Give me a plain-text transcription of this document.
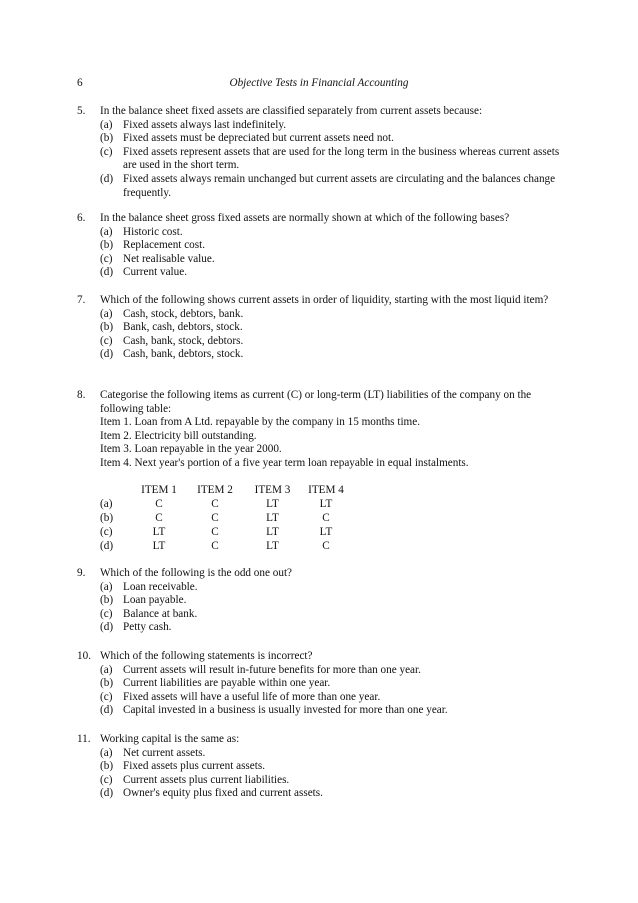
6	Objective Tests in Financial Accounting
5. In the balance sheet fixed assets are classified separately from current assets because:

(a) Fixed assets always last indefinitely.
(b) Fixed assets must be depreciated but current assets need not.
(c) Fixed assets represent assets that are used for the long term in the business whereas current assets are used in the short term.
(d) Fixed assets always remain unchanged but current assets are circulating and the balances change frequently.
6. In the balance sheet gross fixed assets are normally shown at which of the following bases?

(a) Historic cost.
(b) Replacement cost.
(c) Net realisable value.
(d) Current value.
7. Which of the following shows current assets in order of liquidity, starting with the most liquid item?

(a) Cash, stock, debtors, bank.
(b) Bank, cash, debtors, stock.
(c) Cash, bank, stock, debtors.
(d) Cash, bank, debtors, stock.
8. Categorise the following items as current (C) or long-term (LT) liabilities of the company on the following table:

Item 1. Loan from A Ltd. repayable by the company in 15 months time.

Item 2. Electricity bill outstanding.

Item 3. Loan repayable in the year 2000.

Item 4. Next year's portion of a five year term loan repayable in equal instalments.

	ITEM 1	ITEM 2	ITEM 3	ITEM 4
(a)	C	C	LT	LT
(b)	C	C	LT	C
(c)	LT	C	LT	LT
(d)	LT	C	LT	C
9. Which of the following is the odd one out?

(a) Loan receivable.
(b) Loan payable.
(c) Balance at bank.
(d) Petty cash.
10. Which of the following statements is incorrect?

(a) Current assets will result in-future benefits for more than one year.
(b) Current liabilities are payable within one year.
(c) Fixed assets will have a useful life of more than one year.
(d) Capital invested in a business is usually invested for more than one year.
11. Working capital is the same as:

(a) Net current assets.
(b) Fixed assets plus current assets.
(c) Current assets plus current liabilities.
(d) Owner's equity plus fixed and current assets.
